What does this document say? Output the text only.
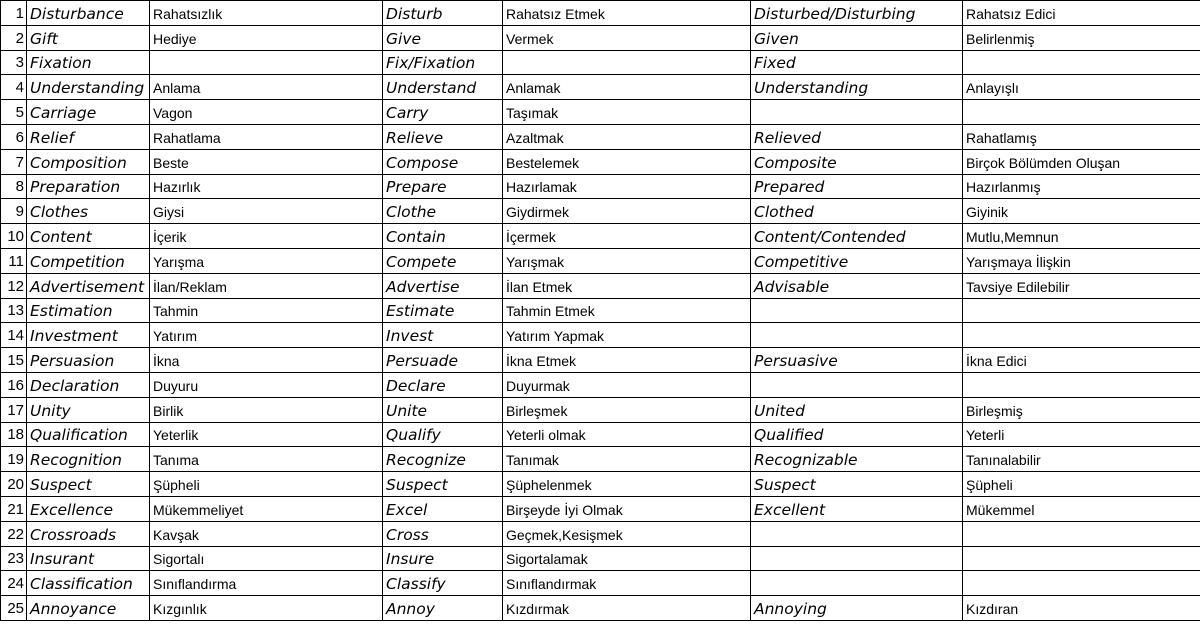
1	Disturbance	Rahatsızlık	Disturb	Rahatsız Etmek	Disturbed/Disturbing	Rahatsız Edici
2	Gift	Hediye	Give	Vermek	Given	Belirlenmiş
3	Fixation		Fix/Fixation		Fixed	
4	Understanding	Anlama	Understand	Anlamak	Understanding	Anlayışlı
5	Carriage	Vagon	Carry	Taşımak		
6	Relief	Rahatlama	Relieve	Azaltmak	Relieved	Rahatlamış
7	Composition	Beste	Compose	Bestelemek	Composite	Birçok Bölümden Oluşan
8	Preparation	Hazırlık	Prepare	Hazırlamak	Prepared	Hazırlanmış
9	Clothes	Giysi	Clothe	Giydirmek	Clothed	Giyinik
10	Content	İçerik	Contain	İçermek	Content/Contended	Mutlu,Memnun
11	Competition	Yarışma	Compete	Yarışmak	Competitive	Yarışmaya İlişkin
12	Advertisement	İlan/Reklam	Advertise	İlan Etmek	Advisable	Tavsiye Edilebilir
13	Estimation	Tahmin	Estimate	Tahmin Etmek		
14	Investment	Yatırım	Invest	Yatırım Yapmak		
15	Persuasion	İkna	Persuade	İkna Etmek	Persuasive	İkna Edici
16	Declaration	Duyuru	Declare	Duyurmak		
17	Unity	Birlik	Unite	Birleşmek	United	Birleşmiş
18	Qualification	Yeterlik	Qualify	Yeterli olmak	Qualified	Yeterli
19	Recognition	Tanıma	Recognize	Tanımak	Recognizable	Tanınalabilir
20	Suspect	Şüpheli	Suspect	Şüphelenmek	Suspect	Şüpheli
21	Excellence	Mükemmeliyet	Excel	Birşeyde İyi Olmak	Excellent	Mükemmel
22	Crossroads	Kavşak	Cross	Geçmek,Kesişmek		
23	Insurant	Sigortalı	Insure	Sigortalamak		
24	Classification	Sınıflandırma	Classify	Sınıflandırmak		
25	Annoyance	Kızgınlık	Annoy	Kızdırmak	Annoying	Kızdıran
